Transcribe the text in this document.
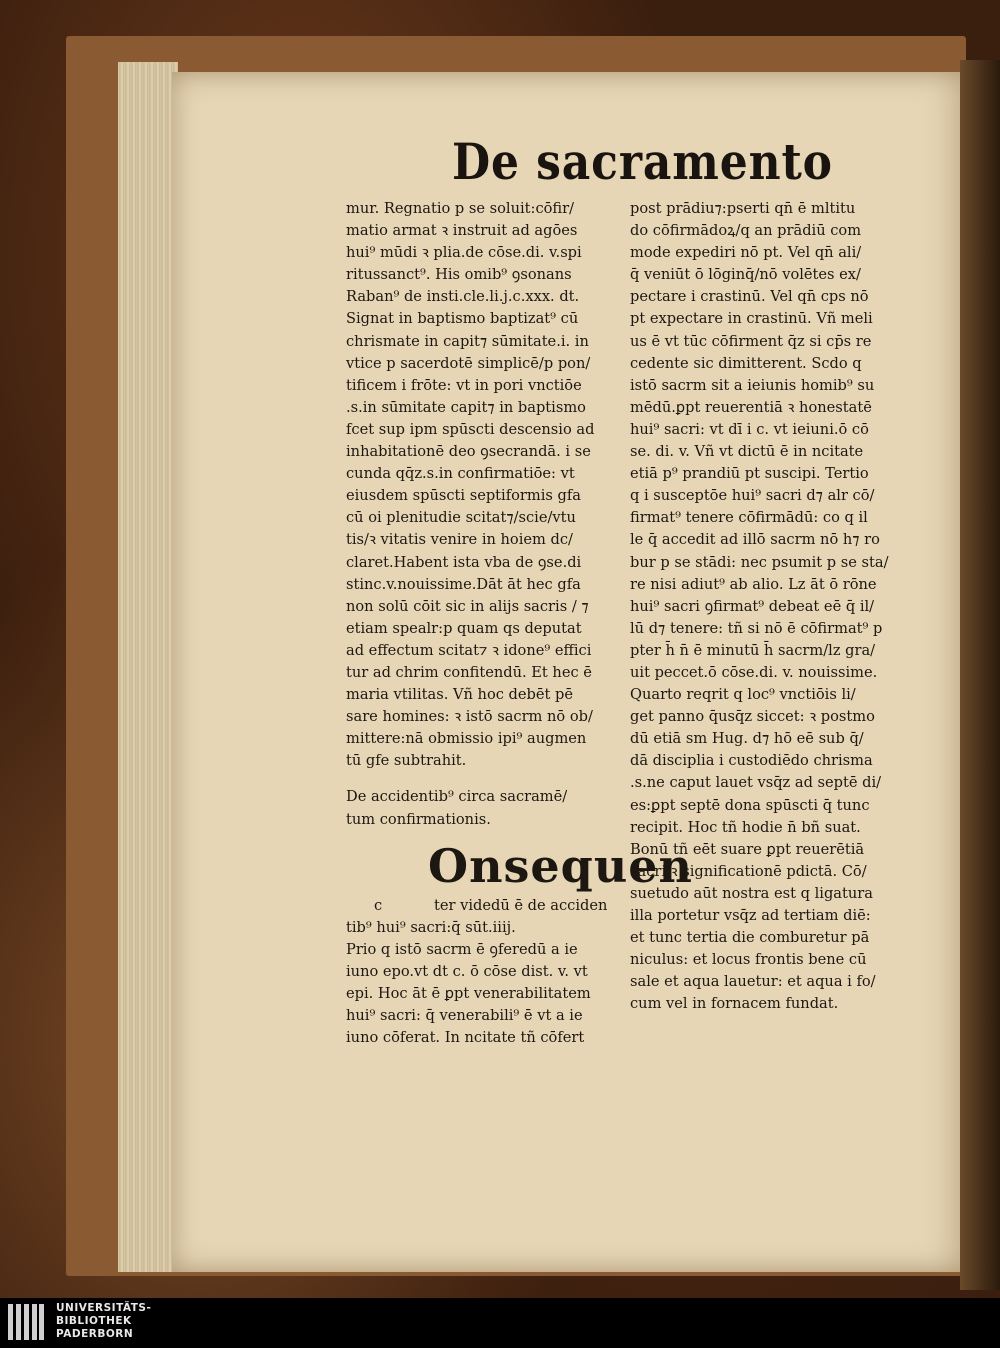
De sacramento
mur. Regnatio p se soluit:cōfir/
matio armat ꝛ instruit ad agōes
hui⁹ mūdi ꝛ plia.de cōse.di. v.spi
ritussanct⁹. His omib⁹ ꝯsonans
Raban⁹ de insti.cle.li.j.c.xxx. dt.
Signat in baptismo baptizat⁹ cū
chrismate in capit⁊ sūmitate.i. in
vtice p sacerdotē simplicē/p pon/
tificem i frōte: vt in pori vnctiōe
.s.in sūmitate capit⁊ in baptismo
fcet sup ipm spūscti descensio ad
inhabitationē deo ꝯsecrandā. i se
cunda qq̄z.s.in confirmatiōe: vt
eiusdem spūscti septiformis gfa
cū oi plenitudie scitat⁊/scie/vtu
tis/ꝛ vitatis venire in hoiem dc/
claret.Habent ista vba de ꝯse.di
stinc.v.nouissime.Dāt āt hec gfa
non solū cōit sic in alijs sacris / ⁊
etiam spealr:p quam qs deputat
ad effectum scitat⁊ ꝛ idone⁹ effici
tur ad chrim confitendū. Et hec ē
maria vtilitas. Vñ hoc debēt pē
sare homines: ꝛ istō sacrm nō ob/
mittere:nā obmissio ipi⁹ augmen
tū gfe subtrahit.
De accidentib⁹ circa sacramē/
tum confirmationis.
Onsequen
c	ter videdū ē de acciden
tib⁹ hui⁹ sacri:q̄ sūt.iiij.
Prio q istō sacrm ē ꝯferedū a ie
iuno epo.vt dt c. ō cōse dist. v. vt
epi. Hoc āt ē ꝑpt venerabilitatem
hui⁹ sacri: q̄ venerabili⁹ ē vt a ie
iuno cōferat. In ncitate tñ cōfert
post prādiu⁊:pserti qn̄ ē mltitu
do cōfirmādoꝝ/q an prādiū com
mode expediri nō pt. Vel qn̄ ali/
q̄ veniūt ō lōginq̄/nō volētes ex/
pectare i crastinū. Vel qn̄ cps nō
pt expectare in crastinū. Vñ meli
us ē vt tūc cōfirment q̄z si cp̄s re
cedente sic dimitterent. Scdo q
istō sacrm sit a ieiunis homib⁹ su
mēdū.ꝑpt reuerentiā ꝛ honestatē
hui⁹ sacri: vt dī i c. vt ieiuni.ō cō
se. di. v. Vñ vt dictū ē in ncitate
etiā p⁹ prandiū pt suscipi. Tertio
q i susceptōe hui⁹ sacri d⁊ alr cō/
firmat⁹ tenere cōfirmādū: co q il
le q̄ accedit ad illō sacrm nō h⁊ ro
bur p se stādi: nec psumit p se sta/
re nisi adiut⁹ ab alio. Lz āt ō rōne
hui⁹ sacri ꝯfirmat⁹ debeat eē q̄ il/
lū d⁊ tenere: tñ si nō ē cōfirmat⁹ p
pter h̄ n̄ ē minutū h̄ sacrm/lz gra/
uit peccet.ō cōse.di. v. nouissime.
Quarto reqrit q loc⁹ vnctiōis li/
get panno q̄usq̄z siccet: ꝛ postmo
dū etiā sm Hug. d⁊ hō eē sub q̄/
dā disciplia i custodiēdo chrisma
.s.ne caput lauet vsq̄z ad septē di/
es:ꝑpt septē dona spūscti q̄ tunc
recipit. Hoc tñ hodie n̄ bñ suat.
Bonū tñ eēt suare ꝑpt reuerētiā
sacri ꝛ significationē pdictā. Cō/
suetudo aūt nostra est q ligatura
illa portetur vsq̄z ad tertiam diē:
et tunc tertia die comburetur pā
niculus: et locus frontis bene cū
sale et aqua lauetur: et aqua i fo/
cum vel in fornacem fundat.
UNIVERSITÄTS-
BIBLIOTHEK
PADERBORN
